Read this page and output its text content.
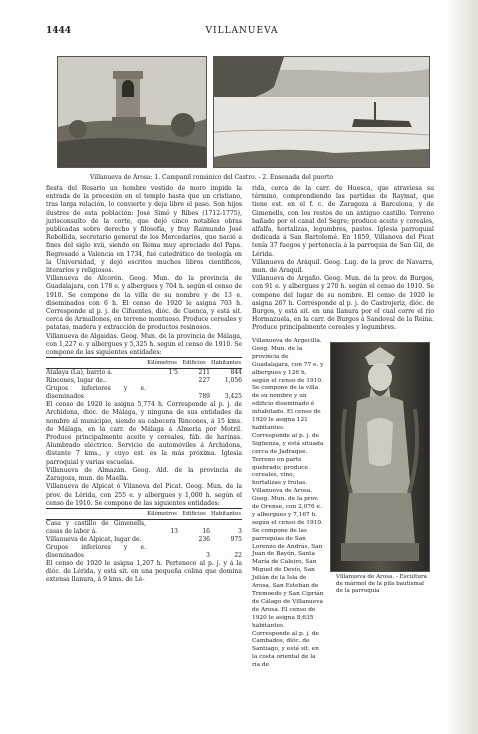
1444	VILLANUEVA
Villanueva de Arosa: 1. Campanil románico del Castro. - 2. Ensenada del puerto

fiesta del Rosario un hombre vestido de moro impide la entrada de la procesión en el templo hasta que un cristiano, tras larga relación, lo convierte y deja libre el paso. Son hijos ilustres de esta población: José Simó y Ribes (1712-1775), jurisconsulto de la corte, que dejó cinco notables obras publicadas sobre derecho y filosofía, y fray Raimundo José Rebollida, secretario general de los Mercedarios, que nació a fines del siglo xvii, siendo en Roma muy apreciado del Papa. Regresado a Valencia en 1734, fué catedrático de teología en la Universidad, y dejó escritos muchos libros científicos, literarios y religiosos.

Villanueva de Alcorón. Geog. Mun. de la provincia de Guadalajara, con 178 e. y albergues y 704 h. según el censo de 1910. Se compone de la villa de su nombre y de 13 e. diseminados con 6 h. El censo de 1920 le asigna 703 h. Corresponde al p. j. de Cifuentes, dióc. de Cuenca, y está sit. cerca de Armallones, en terreno montuoso. Produce cereales y patatas, madera y extracción de productos resinosos.

Villanueva de Algaidas. Geog. Mun. de la provincia de Málaga, con 1,227 e. y albergues y 5,325 h. según el censo de 1910. Se compone de las siguientes entidades:

	Kilómetros	Edificios	Habitantes
Atalaya (La), barrio á.	1'5	211	844
Rincones, lugar de..		227	1,056
Grupos inferiores y e. diseminados		789	3,425

El censo de 1920 le asigna 5,774 h. Corresponde al p. j. de Archidona, dióc. de Málaga, y ninguna de sus entidades da nombre al municipio, siendo su cabecera Rincones, á 15 kms. de Málaga, en la carr. de Málaga á Almería por Motril. Produce principalmente aceite y cereales, fáb. de harinas. Alumbrado eléctrico. Servicio de automóviles á Archidona, distante 7 kms., y cuyo est. es la más próxima. Iglesia parroquial y varias escuelas.

Villanueva de Almazán. Geog. Ald. de la provincia de Zaragoza, mun. de Maella.

Villanueva de Alpicat ó Vilanova del Picat. Geog. Mun. de la prov. de Lérida, con 255 e. y albergues y 1,000 h. según el censo de 1910. Se compone de las siguientes entidades:

	Kilómetros	Edificios	Habitantes
Casa y castillo de Gimenells, casas de labor á.	13	16	3
Villanueva de Alpicat, lugar de.		236	975
Grupos inferiores y e. diseminados		3	22

El censo de 1920 le asigna 1,207 h. Pertenece al p. j. y á la dióc. de Lérida, y está sit. en una pequeña colina que domina extensa llanura, á 9 kms. de Lé-

rida, cerca de la carr. de Huesca, que atraviesa su término, comprendiendo las partidas de Raymat, que tiene est. en el f. c. de Zaragoza á Barcelona, y de Gimenells, con los restos de un antiguo castillo. Terreno bañado por el canal del Segre; produce aceite y cereales, alfalfa, hortalizas, legumbres, pastos. Iglesia parroquial dedicada á San Bartolomé. En 1859, Villanova del Picat tenía 37 fuegos y pertenecía á la parroquia de San Gil, de Lérida.

Villanueva de Aráquil. Geog. Lug. de la prov. de Navarra, mun. de Araquil.

Villanueva de Argaño. Geog. Mun. de la prov. de Burgos, con 91 e. y albergues y 270 h. según el censo de 1910. Se compone del lugar de su nombre. El censo de 1920 le asigna 267 h. Corresponde al p. j. de Castrojeriz, dióc. de Burgos, y está sit. en una llanura por el cual corre el río Hormazuela, en la carr. de Burgos á Sandoval de la Reina. Produce principalmente cereales y legumbres.

Villanueva de Argecilla. Geog. Mun. de la provincia de Guadalajara, con 77 e. y albergues y 126 h. según el censo de 1910. Se compone de la villa de su nombre y un edificio diseminado é inhabitado. El censo de 1920 le asigna 121 habitantes. Corresponde al p. j. de Sigüenza, y está situada cerca de Jadraque. Terreno en parte quebrado; produce cereales, vino, hortalizas y frutas.

Villanueva de Arosa. Geog. Mun. de la prov. de Orense, con 2,076 e. y albergues y 7,167 h. según el censo de 1910. Se compone de las parroquias de San Lorenzo de András, San Juan de Bayón, Santa María de Caleiro, San Miguel de Devío, San Julián de la Isla de Arosa, San Esteban de Tremoedo y San Ciprián de Cálago de Villanueva de Arosa. El censo de 1920 le asigna 8,635 habitantes. Corresponde al p. j. de Cambados, dióc. de Santiago, y está sit. en la costa oriental de la ría de

Villanueva de Arosa. - Escultura de mármol de la pila bautismal de la parroquia
